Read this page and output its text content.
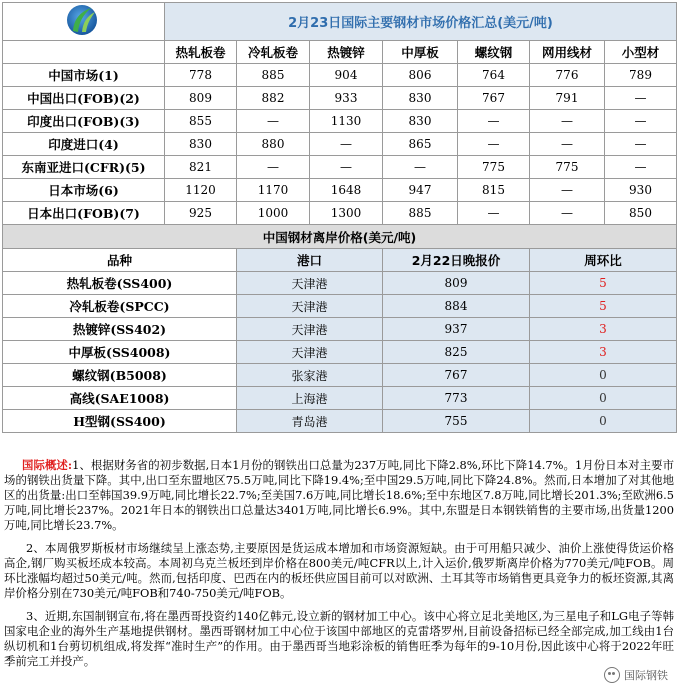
	2月23日国际主要钢材市场价格汇总(美元/吨)						
	热轧板卷	冷轧板卷	热镀锌	中厚板	螺纹钢	网用线材	小型材
中国市场(1)	778	885	904	806	764	776	789
中国出口(FOB)(2)	809	882	933	830	767	791	—
印度出口(FOB)(3)	855	—	1130	830	—	—	—
印度进口(4)	830	880	—	865	—	—	—
东南亚进口(CFR)(5)	821	—	—	—	775	775	—
日本市场(6)	1120	1170	1648	947	815	—	930
日本出口(FOB)(7)	925	1000	1300	885	—	—	850
中国钢材离岸价格(美元/吨)							
品种		港口		2月22日晚报价		周环比	
热轧板卷(SS400)		天津港		809		5	
冷轧板卷(SPCC)		天津港		884		5	
热镀锌(SS402)		天津港		937		3	
中厚板(SS4008)		天津港		825		3	
螺纹钢(B5008)		张家港		767		0	
高线(SAE1008)		上海港		773		0	
H型钢(SS400)		青岛港		755		0	

国际概述:1、根据财务省的初步数据,日本1月份的钢铁出口总量为237万吨,同比下降2.8%,环比下降14.7%。1月份日本对主要市场的钢铁出货量下降。其中,出口至东盟地区75.5万吨,同比下降19.4%;至中国29.5万吨,同比下降24.8%。然而,日本增加了对其他地区的出货量:出口至韩国39.9万吨,同比增长22.7%;至美国7.6万吨,同比增长18.6%;至中东地区7.8万吨,同比增长201.3%;至欧洲6.5万吨,同比增长237%。2021年日本的钢铁出口总量达3401万吨,同比增长6.9%。其中,东盟是日本钢铁销售的主要市场,出货量1200万吨,同比增长23.7%。

2、本周俄罗斯板材市场继续呈上涨态势,主要原因是货运成本增加和市场资源短缺。由于可用船只减少、油价上涨使得货运价格高企,钢厂购买板坯成本较高。本周初乌克兰板坯到岸价格在800美元/吨CFR以上,计入运价,俄罗斯离岸价格为770美元/吨FOB。周环比涨幅均超过50美元/吨。然而,包括印度、巴西在内的板坯供应国目前可以对欧洲、土耳其等市场销售更具竞争力的板坯资源,其离岸价格分别在730美元/吨FOB和740-750美元/吨FOB。

3、近期,东国制钢宣布,将在墨西哥投资约140亿韩元,设立新的钢材加工中心。该中心将立足北美地区,为三星电子和LG电子等韩国家电企业的海外生产基地提供钢材。墨西哥钢材加工中心位于该国中部地区的克雷塔罗州,目前设备招标已经全部完成,加工线由1台纵切机和1台剪切机组成,将发挥“准时生产”的作用。由于墨西哥当地彩涂板的销售旺季为每年的9-10月份,因此该中心将于2022年旺季前完工并投产。

国际钢铁
